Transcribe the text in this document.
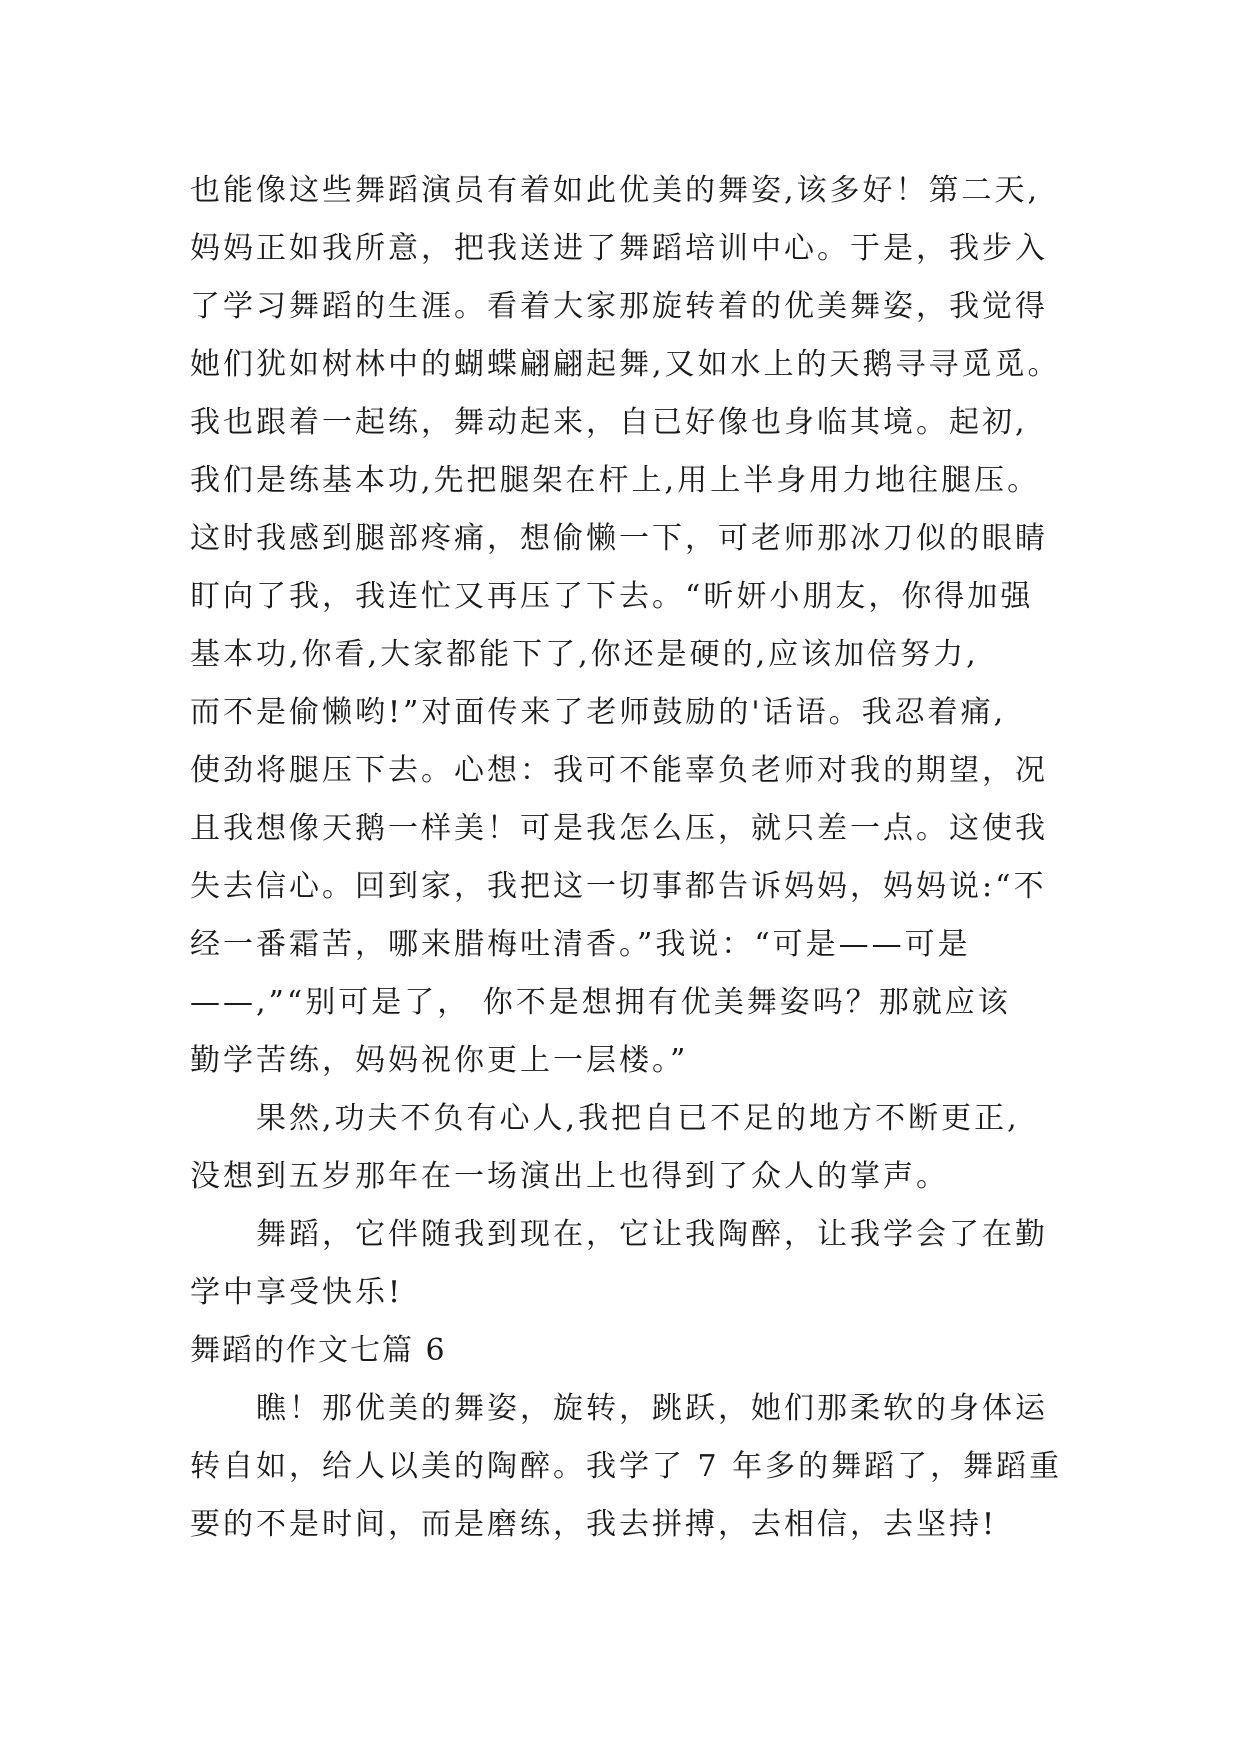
也能像这些舞蹈演员有着如此优美的舞姿,该多好！第二天,
妈妈正如我所意，把我送进了舞蹈培训中心。于是，我步入
了学习舞蹈的生涯。看着大家那旋转着的优美舞姿，我觉得
她们犹如树林中的蝴蝶翩翩起舞,又如水上的天鹅寻寻觅觅。
我也跟着一起练，舞动起来，自已好像也身临其境。起初,
我们是练基本功,先把腿架在杆上,用上半身用力地往腿压。
这时我感到腿部疼痛，想偷懒一下，可老师那冰刀似的眼睛
盯向了我，我连忙又再压了下去。“昕妍小朋友，你得加强
基本功,你看,大家都能下了,你还是硬的,应该加倍努力,
而不是偷懒哟!”对面传来了老师鼓励的'话语。我忍着痛,
使劲将腿压下去。心想：我可不能辜负老师对我的期望，况
且我想像天鹅一样美！可是我怎么压，就只差一点。这使我
失去信心。回到家，我把这一切事都告诉妈妈，妈妈说:“不
经一番霜苦，哪来腊梅吐清香。”我说：“可是——可是
——,”“别可是了， 你不是想拥有优美舞姿吗？那就应该
勤学苦练，妈妈祝你更上一层楼。”
果然,功夫不负有心人,我把自已不足的地方不断更正,
没想到五岁那年在一场演出上也得到了众人的掌声。
舞蹈，它伴随我到现在，它让我陶醉，让我学会了在勤
学中享受快乐!
舞蹈的作文七篇 6
瞧！那优美的舞姿，旋转，跳跃，她们那柔软的身体运
转自如，给人以美的陶醉。我学了 7 年多的舞蹈了，舞蹈重
要的不是时间，而是磨练，我去拼搏，去相信，去坚持!
